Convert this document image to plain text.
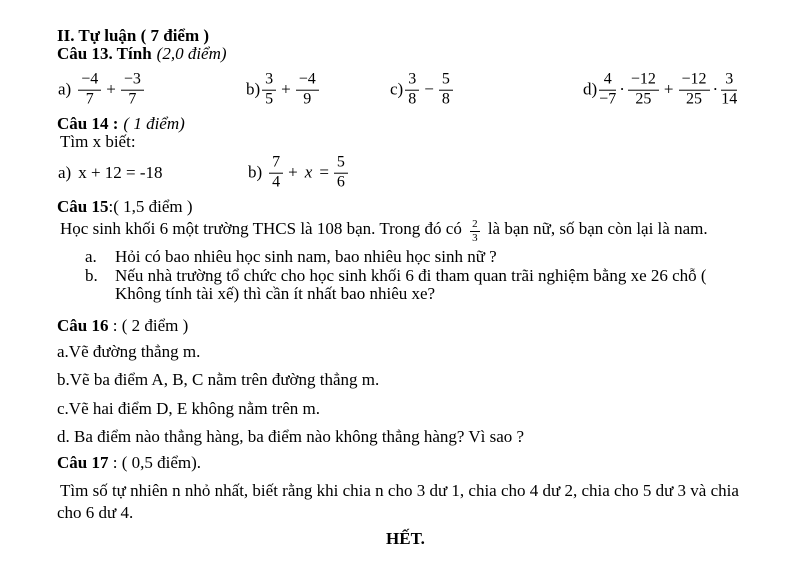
II. Tự luận ( 7 điểm )
Câu 13. Tính (2,0 điểm)
$a) \frac{-4}{7} + \frac{-3}{7}$	$b) \frac{3}{5} + \frac{-4}{9}$	$c) \frac{3}{8} - \frac{5}{8}$	$d) \frac{4}{-7} \cdot \frac{-12}{25} + \frac{-12}{25} \cdot \frac{3}{14}$
Câu 14 : ( 1 điểm)
Tìm x biết:
a) x + 12 = -18	$b) \frac{7}{4} + x = \frac{5}{6}$
Câu 15:( 1,5 điểm )
Học sinh khối 6 một trường THCS là 108 bạn. Trong đó có $\frac{2}{3}$ là bạn nữ, số bạn còn lại là nam.
a.	Hỏi có bao nhiêu học sinh nam, bao nhiêu học sinh nữ ?
b.	Nếu nhà trường tổ chức cho học sinh khối 6 đi tham quan trãi nghiệm bằng xe 26 chỗ ( Không tính tài xế) thì cần ít nhất bao nhiêu xe?
Câu 16 : ( 2 điểm )
a.Vẽ đường thẳng m.
b.Vẽ ba điểm A, B, C nằm trên đường thẳng m.
c.Vẽ hai điểm D, E không nằm trên m.
d. Ba điểm nào thẳng hàng, ba điểm nào không thẳng hàng? Vì sao ?
Câu 17 : ( 0,5 điểm).
Tìm số tự nhiên n nhỏ nhất, biết rằng khi chia n cho 3 dư 1, chia cho 4 dư 2, chia cho 5 dư 3 và chia cho 6 dư 4.
HẾT.
